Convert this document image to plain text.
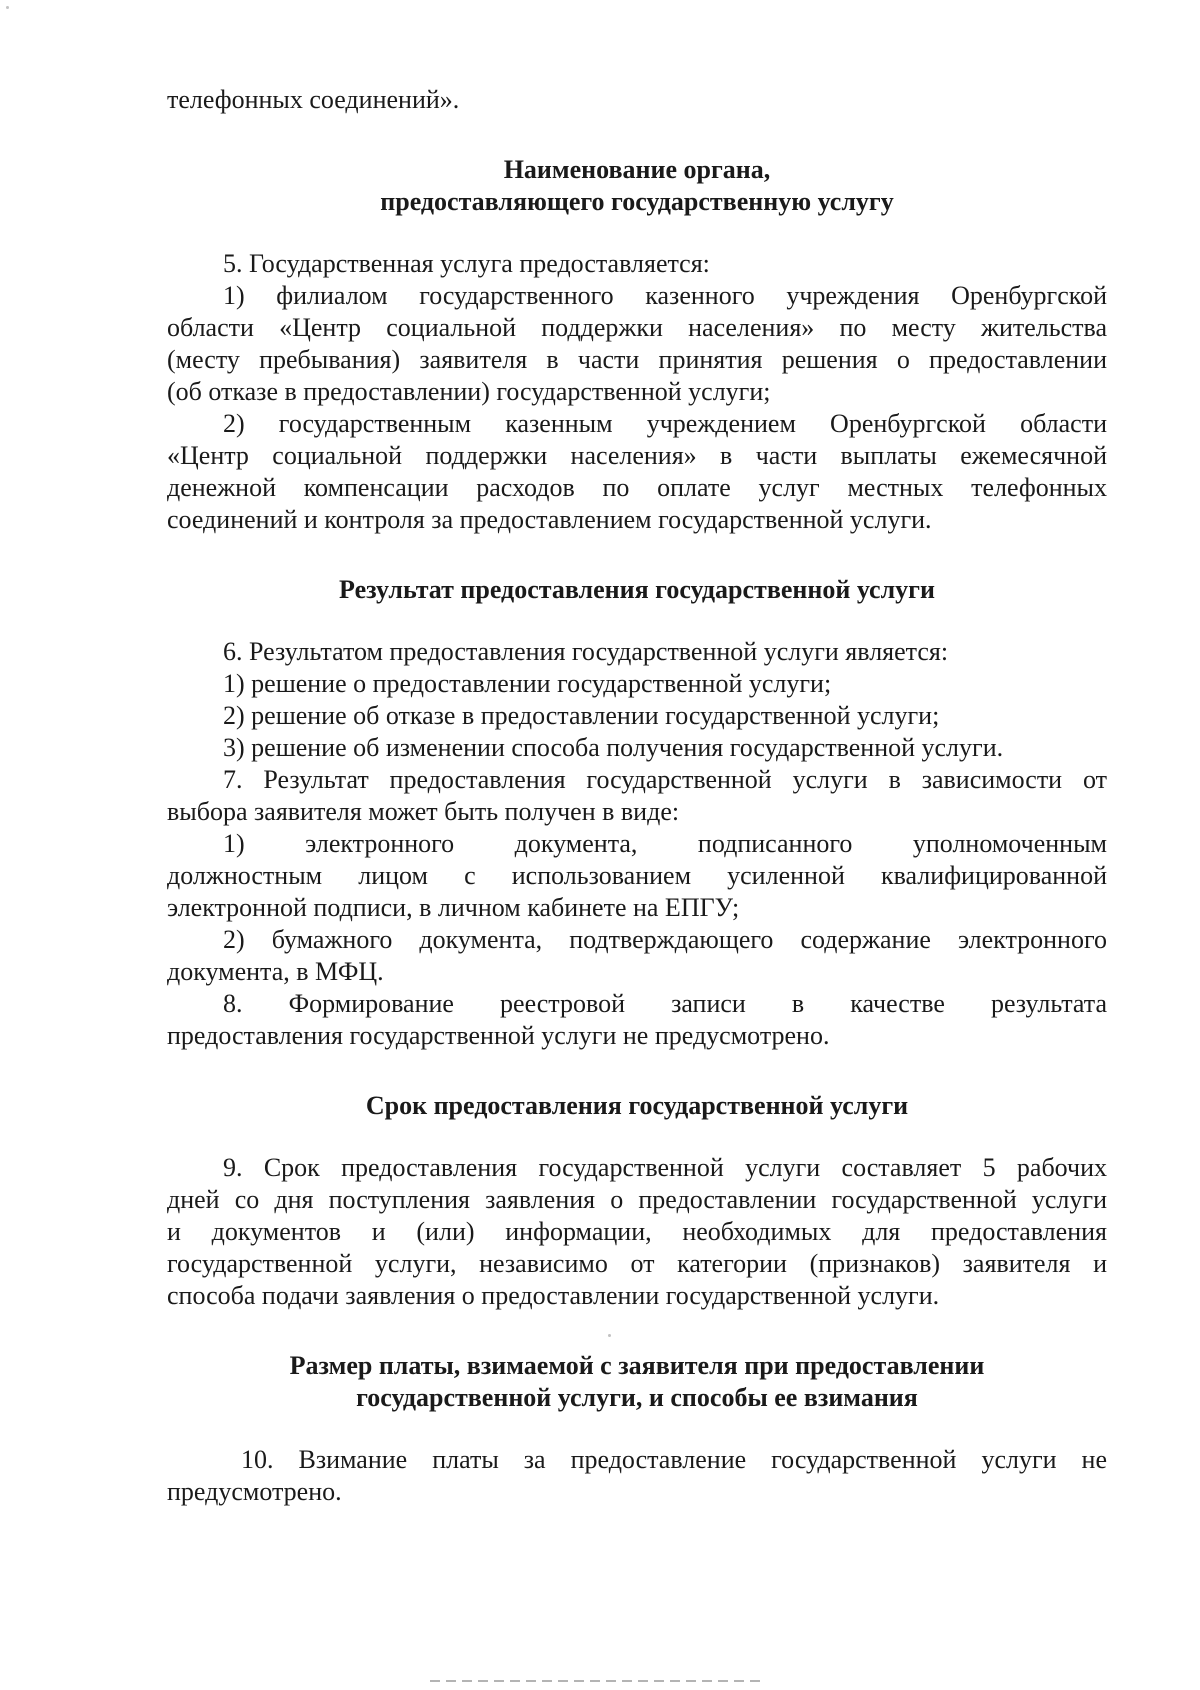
телефонных соединений».

Наименование органа,

предоставляющего государственную услугу

5. Государственная услуга предоставляется:

1) филиалом государственного казенного учреждения Оренбургской

области «Центр социальной поддержки населения» по месту жительства

(месту пребывания) заявителя в части принятия решения о предоставлении

(об отказе в предоставлении) государственной услуги;

2) государственным казенным учреждением Оренбургской области

«Центр социальной поддержки населения» в части выплаты ежемесячной

денежной компенсации расходов по оплате услуг местных телефонных

соединений и контроля за предоставлением государственной услуги.

Результат предоставления государственной услуги

6. Результатом предоставления государственной услуги является:

1) решение о предоставлении государственной услуги;

2) решение об отказе в предоставлении государственной услуги;

3) решение об изменении способа получения государственной услуги.

7. Результат предоставления государственной услуги в зависимости от

выбора заявителя может быть получен в виде:

1) электронного документа, подписанного уполномоченным

должностным лицом с использованием усиленной квалифицированной

электронной подписи, в личном кабинете на ЕПГУ;

2) бумажного документа, подтверждающего содержание электронного

документа, в МФЦ.

8. Формирование реестровой записи в качестве результата

предоставления государственной услуги не предусмотрено.

Срок предоставления государственной услуги

9. Срок предоставления государственной услуги составляет 5 рабочих

дней со дня поступления заявления о предоставлении государственной услуги

и документов и (или) информации, необходимых для предоставления

государственной услуги, независимо от категории (признаков) заявителя и

способа подачи заявления о предоставлении государственной услуги.

Размер платы, взимаемой с заявителя при предоставлении

государственной услуги, и способы ее взимания

10. Взимание платы за предоставление государственной услуги не

предусмотрено.
